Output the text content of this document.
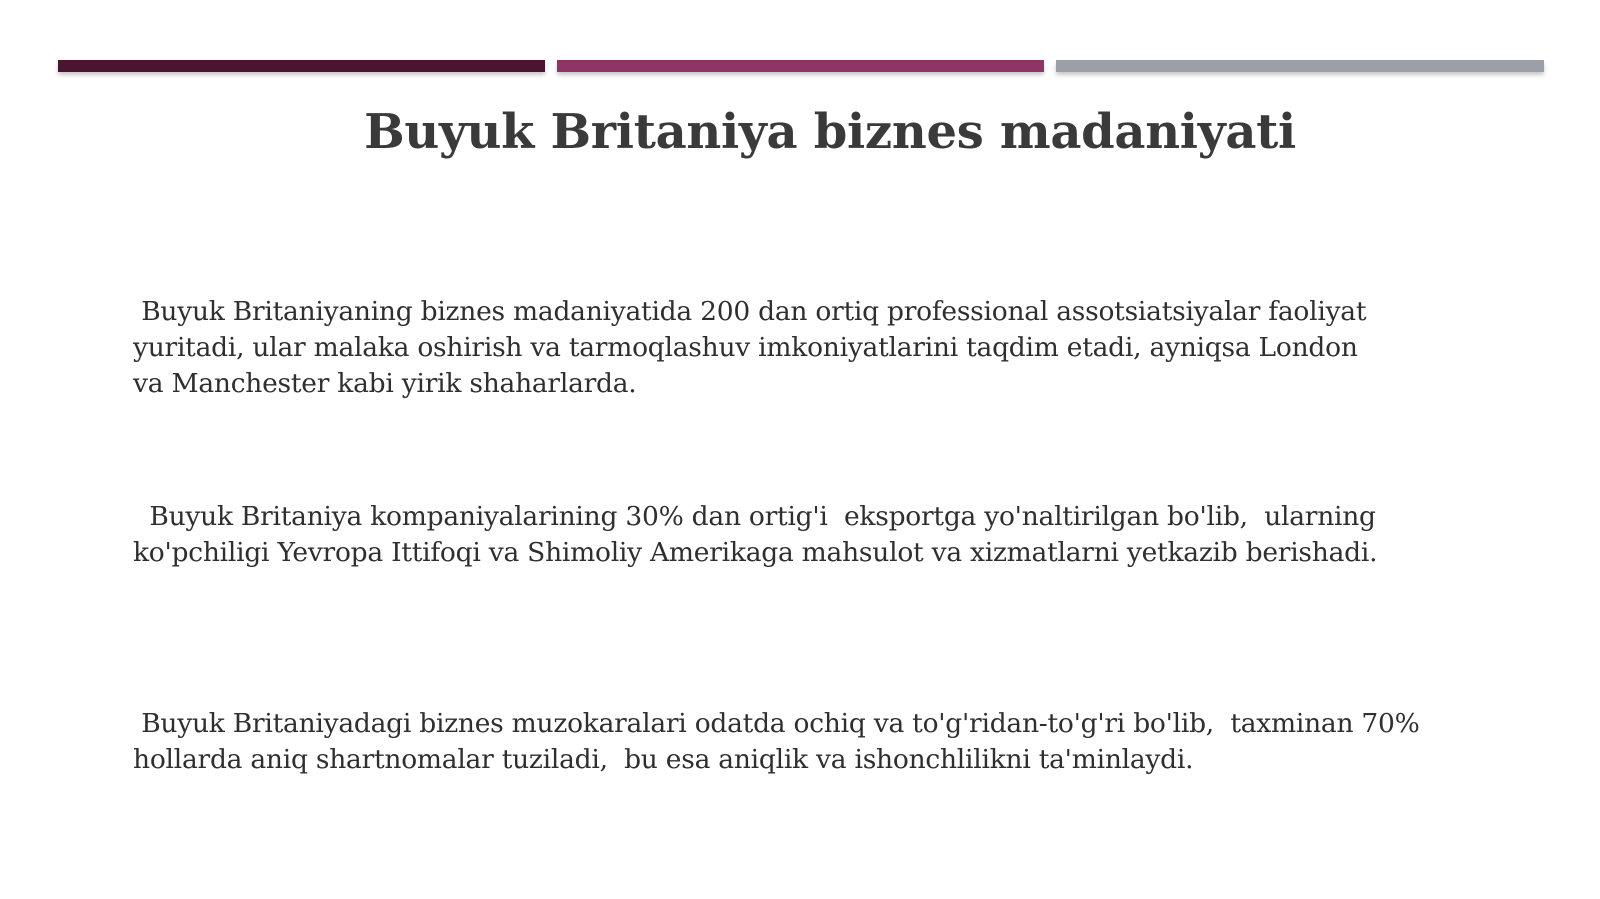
Buyuk Britaniya biznes madaniyati

Buyuk Britaniyaning biznes madaniyatida 200 dan ortiq professional assotsiatsiyalar faoliyat
yuritadi, ular malaka oshirish va tarmoqlashuv imkoniyatlarini taqdim etadi, ayniqsa London
va Manchester kabi yirik shaharlarda.

Buyuk Britaniya kompaniyalarining 30% dan ortig'i  eksportga yo'naltirilgan bo'lib,  ularning
ko'pchiligi Yevropa Ittifoqi va Shimoliy Amerikaga mahsulot va xizmatlarni yetkazib berishadi.

Buyuk Britaniyadagi biznes muzokaralari odatda ochiq va to'g'ridan-to'g'ri bo'lib,  taxminan 70%
hollarda aniq shartnomalar tuziladi,  bu esa aniqlik va ishonchlilikni ta'minlaydi.
